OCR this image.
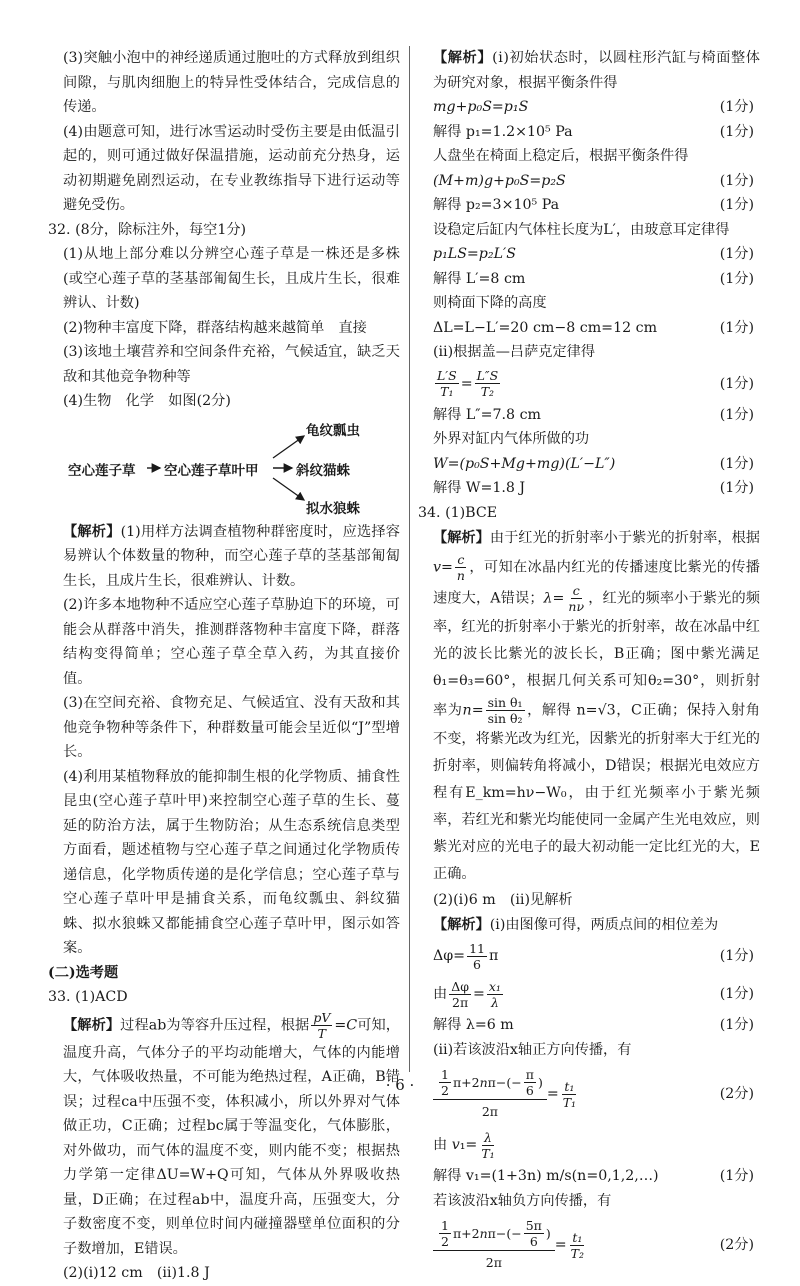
(3)突触小泡中的神经递质通过胞吐的方式释放到组织间隙，与肌肉细胞上的特异性受体结合，完成信息的传递。

(4)由题意可知，进行冰雪运动时受伤主要是由低温引起的，则可通过做好保温措施，运动前充分热身，运动初期避免剧烈运动，在专业教练指导下进行运动等避免受伤。

32. (8分，除标注外，每空1分)

(1)从地上部分难以分辨空心莲子草是一株还是多株(或空心莲子草的茎基部匍匐生长，且成片生长，很难辨认、计数)

(2)物种丰富度下降，群落结构越来越简单　直接

(3)该地土壤营养和空间条件充裕，气候适宜，缺乏天敌和其他竞争物种等

(4)生物　化学　如图(2分)

空心莲子草 空心莲子草叶甲
龟纹瓢虫
斜纹猫蛛
拟水狼蛛

【解析】(1)用样方法调查植物种群密度时，应选择容易辨认个体数量的物种，而空心莲子草的茎基部匍匐生长，且成片生长，很难辨认、计数。

(2)许多本地物种不适应空心莲子草胁迫下的环境，可能会从群落中消失，推测群落物种丰富度下降，群落结构变得简单；空心莲子草全草入药，为其直接价值。

(3)在空间充裕、食物充足、气候适宜、没有天敌和其他竞争物种等条件下，种群数量可能会呈近似“J”型增长。

(4)利用某植物释放的能抑制生根的化学物质、捕食性昆虫(空心莲子草叶甲)来控制空心莲子草的生长、蔓延的防治方法，属于生物防治；从生态系统信息类型方面看，题述植物与空心莲子草之间通过化学物质传递信息，化学物质传递的是化学信息；空心莲子草与空心莲子草叶甲是捕食关系，而龟纹瓢虫、斜纹猫蛛、拟水狼蛛又都能捕食空心莲子草叶甲，图示如答案。

(二)选考题

33. (1)ACD

【解析】过程ab为等容升压过程，根据 $\frac{pV}{T} =C$可知，温度升高，气体分子的平均动能增大，气体的内能增大，气体吸收热量，不可能为绝热过程，A正确，B错误；过程ca中压强不变，体积减小，所以外界对气体做正功，C正确；过程bc属于等温变化，气体膨胀，对外做功，而气体的温度不变，则内能不变；根据热力学第一定律ΔU=W+Q可知，气体从外界吸收热量，D正确；在过程ab中，温度升高，压强变大，分子数密度不变，则单位时间内碰撞器壁单位面积的分子数增加，E错误。

(2)(ⅰ)12 cm　(ⅱ)1.8 J

【解析】(ⅰ)初始状态时，以圆柱形汽缸与椅面整体为研究对象，根据平衡条件得

mg+p₀S=p₁S	(1分)
解得 p₁=1.2×10⁵ Pa	(1分)

人盘坐在椅面上稳定后，根据平衡条件得

(M+m)g+p₀S=p₂S	(1分)
解得 p₂=3×10⁵ Pa	(1分)

设稳定后缸内气体柱长度为L′，由玻意耳定律得

p₁LS=p₂L′S	(1分)
解得 L′=8 cm	(1分)

则椅面下降的高度

ΔL=L−L′=20 cm−8 cm=12 cm	(1分)

(ⅱ)根据盖—吕萨克定律得

$\frac{L'S}{\text{T₁}} = \frac{L''S}{\text{T₂}}$	(1分)
解得 L″=7.8 cm	(1分)

外界对缸内气体所做的功

W=(p₀S+Mg+mg)(L′−L″)	(1分)
解得 W=1.8 J	(1分)

34. (1)BCE

【解析】由于红光的折射率小于紫光的折射率，根据$v= \frac{c}{n}$ ，可知在冰晶内红光的传播速度比紫光的传播速度大，A错误；$\lambda= \frac{c}{n\nu}$ ，红光的频率小于紫光的频率，红光的折射率小于紫光的折射率，故在冰晶中红光的波长比紫光的波长长，B正确；图中紫光满足θ₁=θ₃=60°，根据几何关系可知θ₂=30°，则折射率为$n= \frac{\text{sin θ₁}}{\text{sin θ₂}}$ ，解得 n=√3，C正确；保持入射角不变，将紫光改为红光，因紫光的折射率大于红光的折射率，则偏转角将减小，D错误；根据光电效应方程有E_km=hν−W₀，由于红光频率小于紫光频率，若红光和紫光均能使同一金属产生光电效应，则紫光对应的光电子的最大初动能一定比红光的大，E正确。

(2)(ⅰ)6 m　(ⅱ)见解析

【解析】(ⅰ)由图像可得，两质点间的相位差为

$\Delta\varphi= \frac{11}{6}$ π	(1分)
由 $\frac{\Delta\varphi}{2\pi} = \frac{\text{x₁}}{\lambda}$	(1分)
解得 λ=6 m	(1分)

(ⅱ)若该波沿x轴正方向传播，有

$\frac{\frac{1}{2} \pi+2 n \pi-(- \frac{\pi}{6} )}{2\pi} = \frac{\text{t₁}}{\text{T₁}}$	(2分)
由 $v_1= \frac{\lambda}{\text{T₁}}$
解得 v₁=(1+3n) m/s(n=0,1,2,…)	(1分)

若该波沿x轴负方向传播，有

$\frac{\frac{1}{2} \pi+2 n \pi-(- \frac{5\pi}{6} )}{2\pi} = \frac{\text{t₁}}{\text{T₂}}$	(2分)
· 6 ·
